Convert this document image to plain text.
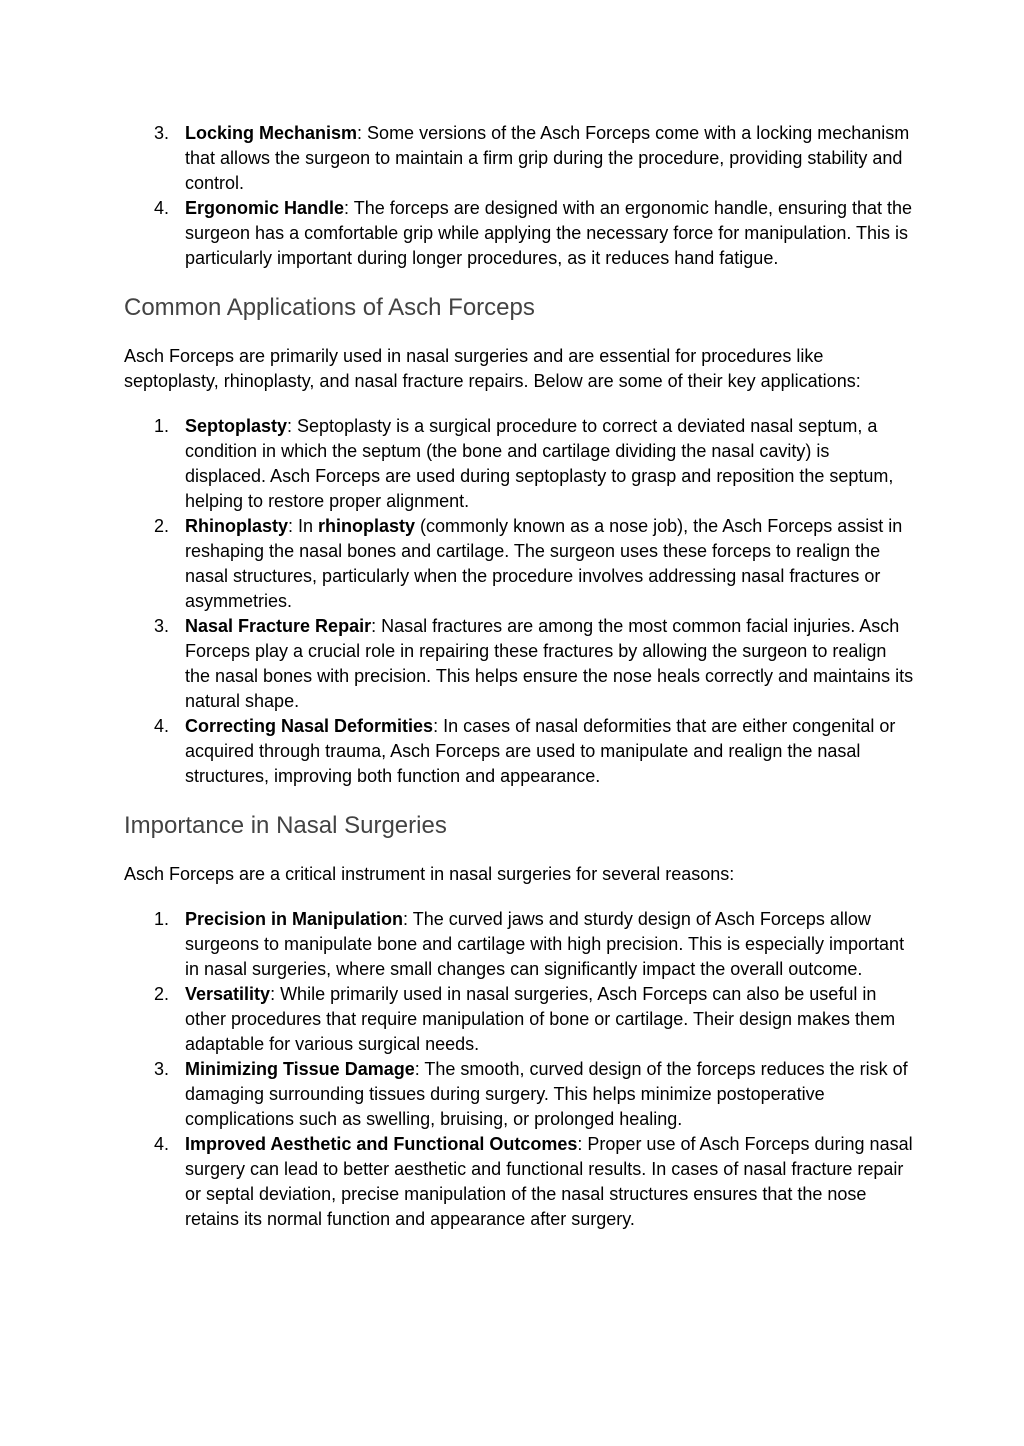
3. Locking Mechanism: Some versions of the Asch Forceps come with a locking mechanism that allows the surgeon to maintain a firm grip during the procedure, providing stability and control.
4. Ergonomic Handle: The forceps are designed with an ergonomic handle, ensuring that the surgeon has a comfortable grip while applying the necessary force for manipulation. This is particularly important during longer procedures, as it reduces hand fatigue.
Common Applications of Asch Forceps

Asch Forceps are primarily used in nasal surgeries and are essential for procedures like septoplasty, rhinoplasty, and nasal fracture repairs. Below are some of their key applications:

1. Septoplasty: Septoplasty is a surgical procedure to correct a deviated nasal septum, a condition in which the septum (the bone and cartilage dividing the nasal cavity) is displaced. Asch Forceps are used during septoplasty to grasp and reposition the septum, helping to restore proper alignment.
2. Rhinoplasty: In rhinoplasty (commonly known as a nose job), the Asch Forceps assist in reshaping the nasal bones and cartilage. The surgeon uses these forceps to realign the nasal structures, particularly when the procedure involves addressing nasal fractures or asymmetries.
3. Nasal Fracture Repair: Nasal fractures are among the most common facial injuries. Asch Forceps play a crucial role in repairing these fractures by allowing the surgeon to realign the nasal bones with precision. This helps ensure the nose heals correctly and maintains its natural shape.
4. Correcting Nasal Deformities: In cases of nasal deformities that are either congenital or acquired through trauma, Asch Forceps are used to manipulate and realign the nasal structures, improving both function and appearance.
Importance in Nasal Surgeries

Asch Forceps are a critical instrument in nasal surgeries for several reasons:

1. Precision in Manipulation: The curved jaws and sturdy design of Asch Forceps allow surgeons to manipulate bone and cartilage with high precision. This is especially important in nasal surgeries, where small changes can significantly impact the overall outcome.
2. Versatility: While primarily used in nasal surgeries, Asch Forceps can also be useful in other procedures that require manipulation of bone or cartilage. Their design makes them adaptable for various surgical needs.
3. Minimizing Tissue Damage: The smooth, curved design of the forceps reduces the risk of damaging surrounding tissues during surgery. This helps minimize postoperative complications such as swelling, bruising, or prolonged healing.
4. Improved Aesthetic and Functional Outcomes: Proper use of Asch Forceps during nasal surgery can lead to better aesthetic and functional results. In cases of nasal fracture repair or septal deviation, precise manipulation of the nasal structures ensures that the nose retains its normal function and appearance after surgery.
